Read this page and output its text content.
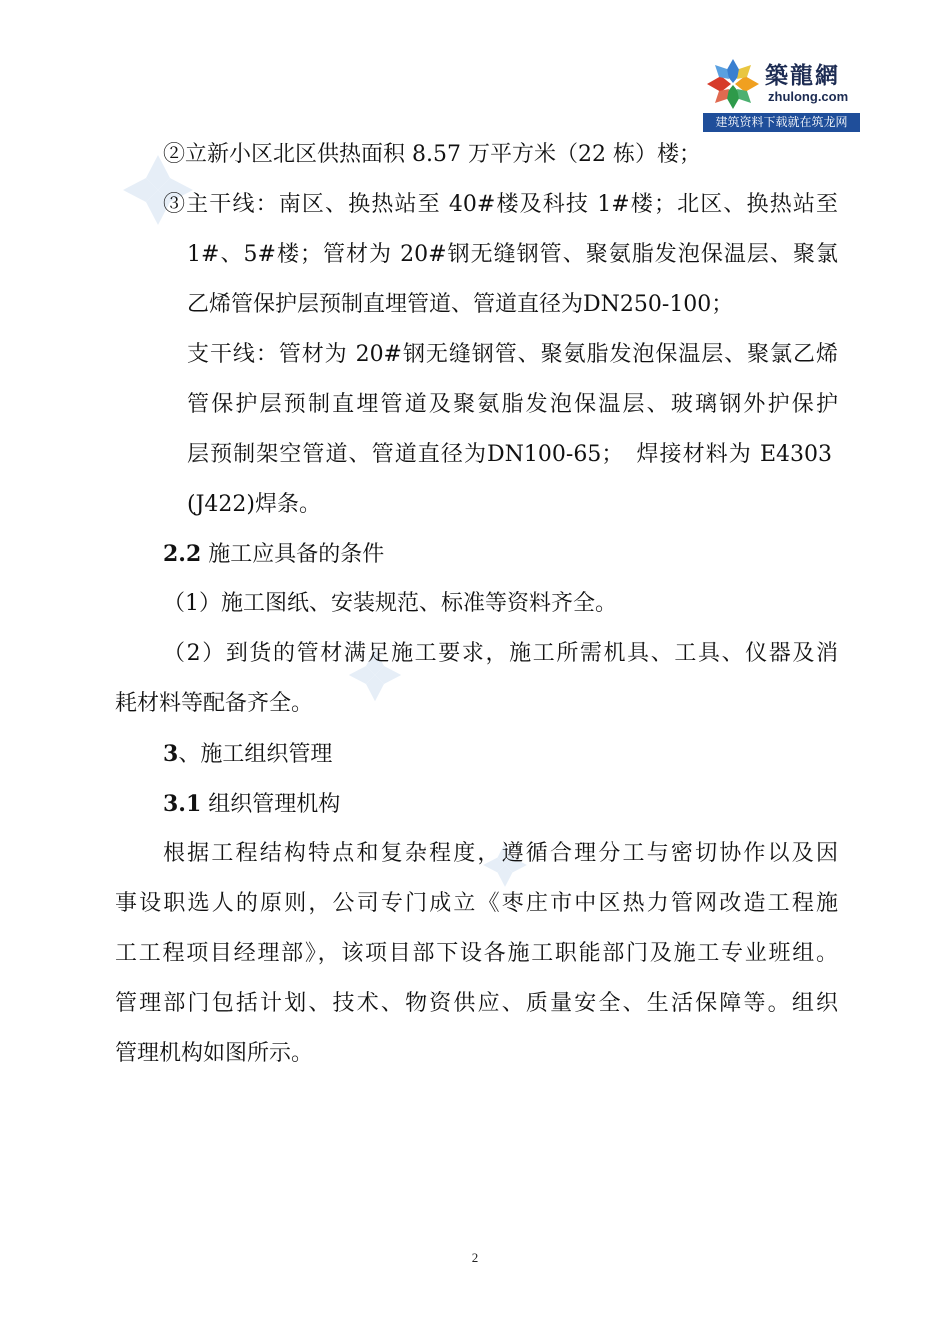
築龍網
zhulong.com
建筑资料下载就在筑龙网

②立新小区北区供热面积 8.57 万平方米（22 栋）楼；

③主干线：南区、换热站至 40#楼及科技 1#楼；北区、换热站至

1#、5#楼；管材为 20#钢无缝钢管、聚氨脂发泡保温层、聚氯

乙烯管保护层预制直埋管道、管道直径为DN250-100；

支干线：管材为 20#钢无缝钢管、聚氨脂发泡保温层、聚氯乙烯

管保护层预制直埋管道及聚氨脂发泡保温层、玻璃钢外护保护

层预制架空管道、管道直径为DN100-65；　焊接材料为 E4303

(J422)焊条。

2.2 施工应具备的条件

（1）施工图纸、安装规范、标准等资料齐全。

（2）到货的管材满足施工要求，施工所需机具、工具、仪器及消

耗材料等配备齐全。

3、施工组织管理

3.1 组织管理机构

根据工程结构特点和复杂程度，遵循合理分工与密切协作以及因

事设职选人的原则，公司专门成立《枣庄市中区热力管网改造工程施

工工程项目经理部》，该项目部下设各施工职能部门及施工专业班组。

管理部门包括计划、技术、物资供应、质量安全、生活保障等。组织

管理机构如图所示。

2
